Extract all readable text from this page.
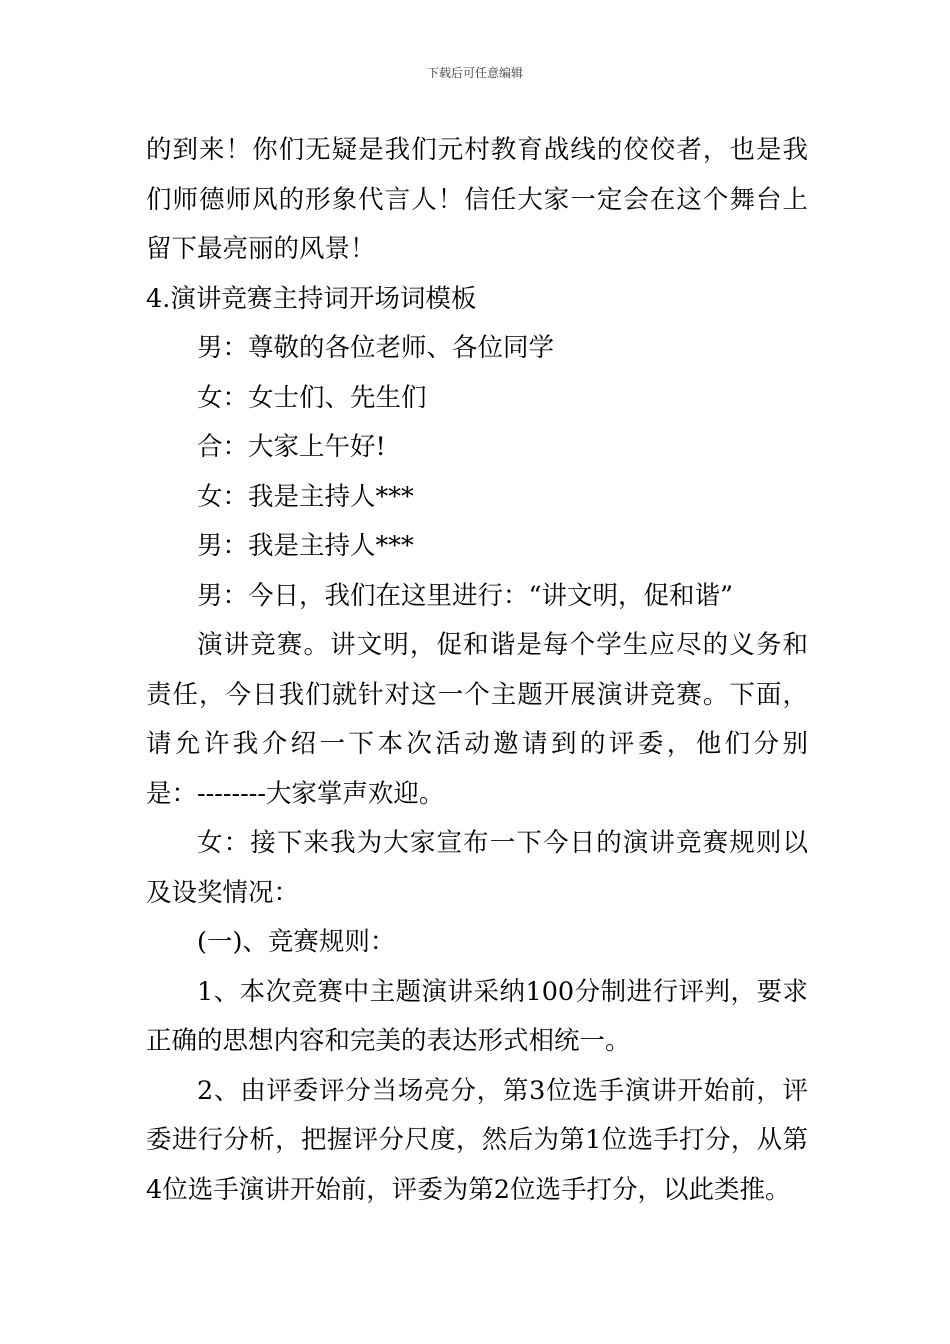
下载后可任意编辑
的到来！你们无疑是我们元村教育战线的佼佼者，也是我
们师德师风的形象代言人！信任大家一定会在这个舞台上
留下最亮丽的风景！
4.演讲竞赛主持词开场词模板
男：尊敬的各位老师、各位同学
女：女士们、先生们
合：大家上午好!
女：我是主持人***
男：我是主持人***
男：今日，我们在这里进行：“讲文明，促和谐”
演讲竞赛。讲文明，促和谐是每个学生应尽的义务和
责任，今日我们就针对这一个主题开展演讲竞赛。下面，
请允许我介绍一下本次活动邀请到的评委，他们分别
是：--------大家掌声欢迎。
女：接下来我为大家宣布一下今日的演讲竞赛规则以
及设奖情况：
(一)、竞赛规则：
1、本次竞赛中主题演讲采纳100分制进行评判，要求
正确的思想内容和完美的表达形式相统一。
2、由评委评分当场亮分，第3位选手演讲开始前，评
委进行分析，把握评分尺度，然后为第1位选手打分，从第
4位选手演讲开始前，评委为第2位选手打分，以此类推。
